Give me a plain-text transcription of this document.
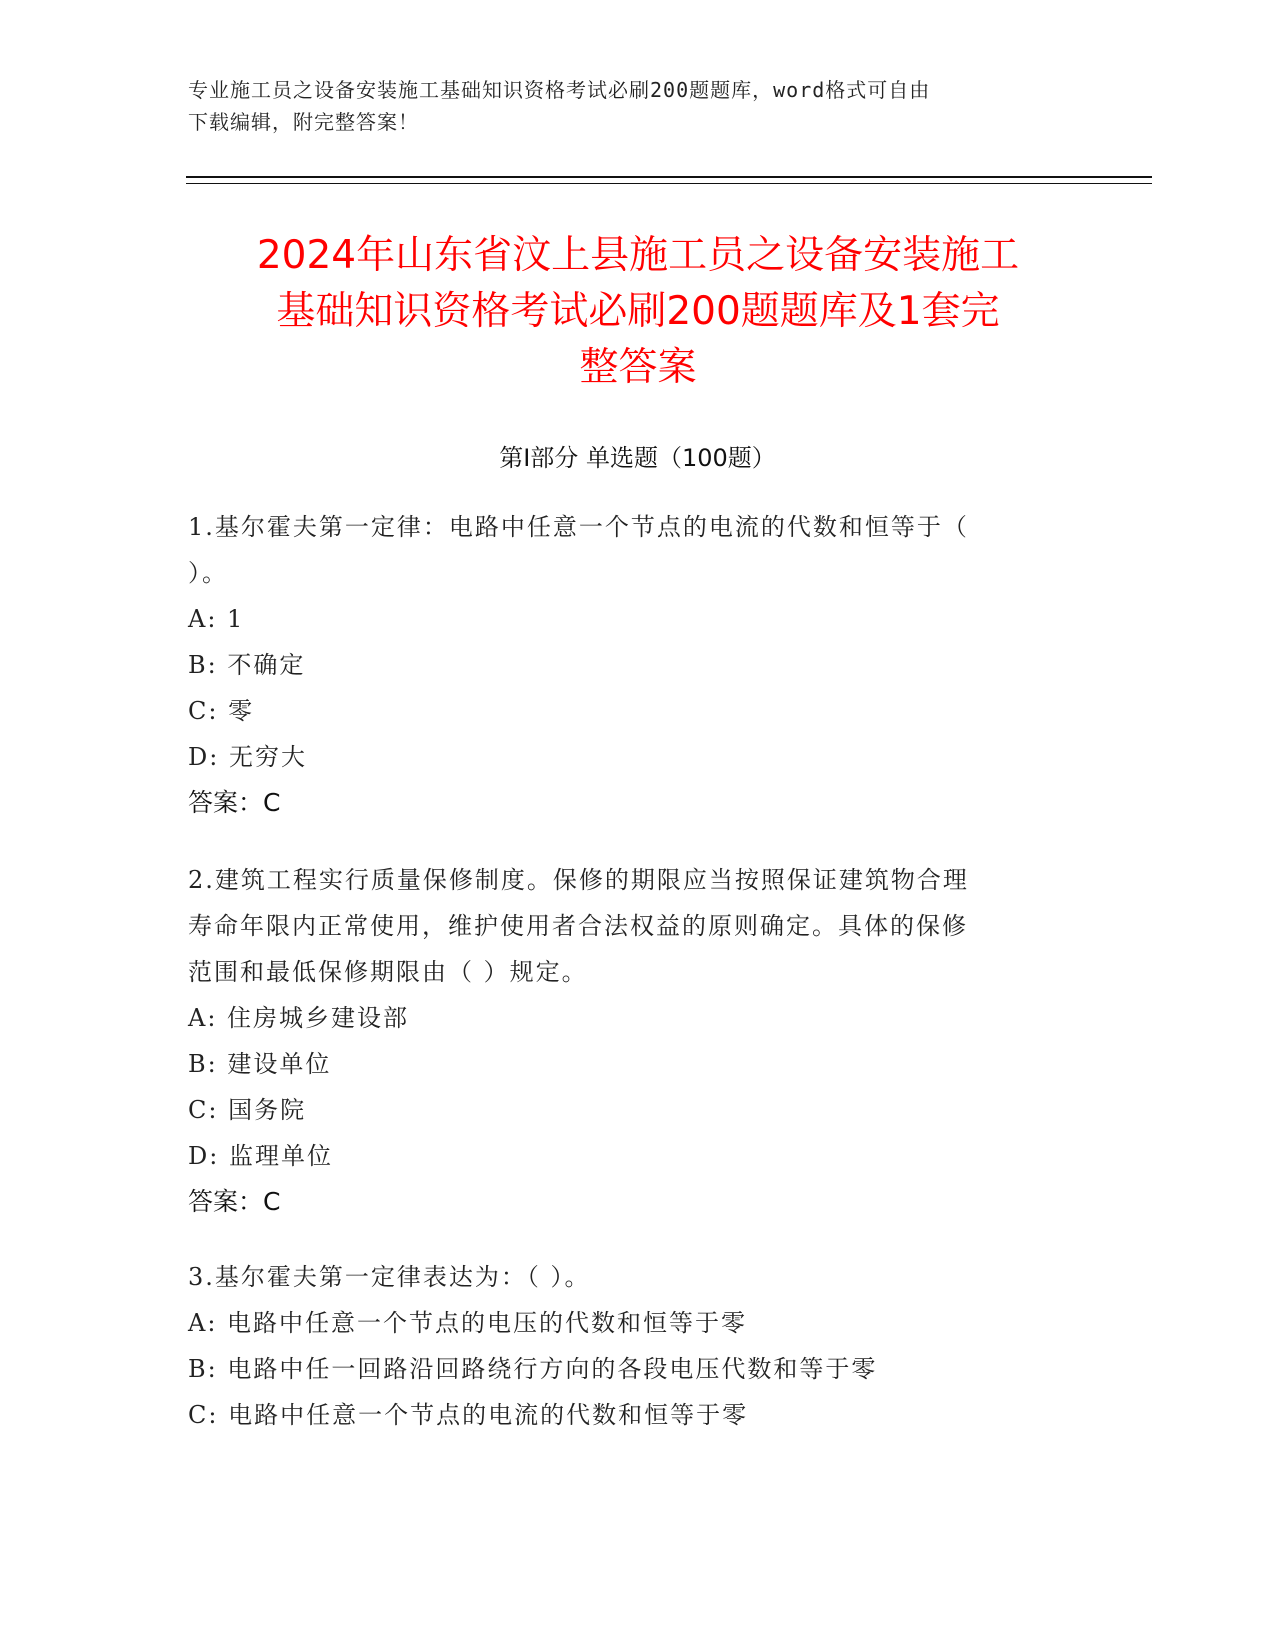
专业施工员之设备安装施工基础知识资格考试必刷200题题库，word格式可自由
下载编辑，附完整答案！
2024年山东省汶上县施工员之设备安装施工
基础知识资格考试必刷200题题库及1套完
整答案
第Ⅰ部分 单选题（100题）
1.基尔霍夫第一定律：电路中任意一个节点的电流的代数和恒等于（
）。
A: 1
B: 不确定
C: 零
D: 无穷大
答案：C
2.建筑工程实行质量保修制度。保修的期限应当按照保证建筑物合理
寿命年限内正常使用，维护使用者合法权益的原则确定。具体的保修
范围和最低保修期限由（ ）规定。
A: 住房城乡建设部
B: 建设单位
C: 国务院
D: 监理单位
答案：C
3.基尔霍夫第一定律表达为：（ ）。
A: 电路中任意一个节点的电压的代数和恒等于零
B: 电路中任一回路沿回路绕行方向的各段电压代数和等于零
C: 电路中任意一个节点的电流的代数和恒等于零
